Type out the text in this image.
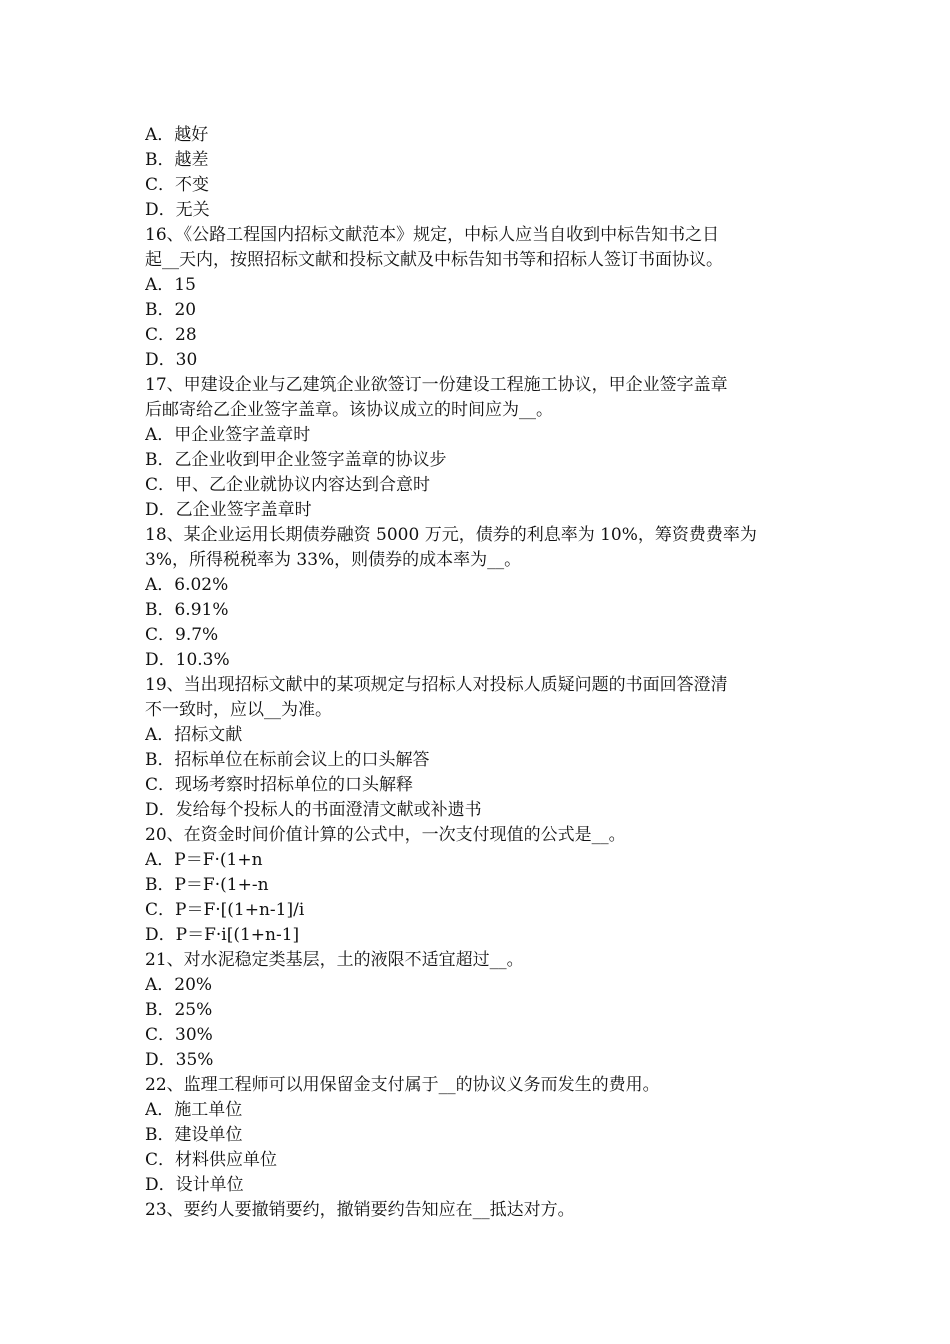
A．越好
B．越差
C．不变
D．无关
16、《公路工程国内招标文献范本》规定，中标人应当自收到中标告知书之日
起__天内，按照招标文献和投标文献及中标告知书等和招标人签订书面协议。
A．15
B．20
C．28
D．30
17、甲建设企业与乙建筑企业欲签订一份建设工程施工协议，甲企业签字盖章
后邮寄给乙企业签字盖章。该协议成立的时间应为__。
A．甲企业签字盖章时
B．乙企业收到甲企业签字盖章的协议步
C．甲、乙企业就协议内容达到合意时
D．乙企业签字盖章时
18、某企业运用长期债券融资 5000 万元，债券的利息率为 10%，筹资费费率为
3%，所得税税率为 33%，则债券的成本率为__。
A．6.02%
B．6.91%
C．9.7%
D．10.3%
19、当出现招标文献中的某项规定与招标人对投标人质疑问题的书面回答澄清
不一致时，应以__为准。
A．招标文献
B．招标单位在标前会议上的口头解答
C．现场考察时招标单位的口头解释
D．发给每个投标人的书面澄清文献或补遗书
20、在资金时间价值计算的公式中，一次支付现值的公式是__。
A．P＝F·(1+n
B．P＝F·(1+-n
C．P＝F·[(1+n-1]/i
D．P＝F·i[(1+n-1]
21、对水泥稳定类基层，土的液限不适宜超过__。
A．20%
B．25%
C．30%
D．35%
22、监理工程师可以用保留金支付属于__的协议义务而发生的费用。
A．施工单位
B．建设单位
C．材料供应单位
D．设计单位
23、要约人要撤销要约，撤销要约告知应在__抵达对方。
